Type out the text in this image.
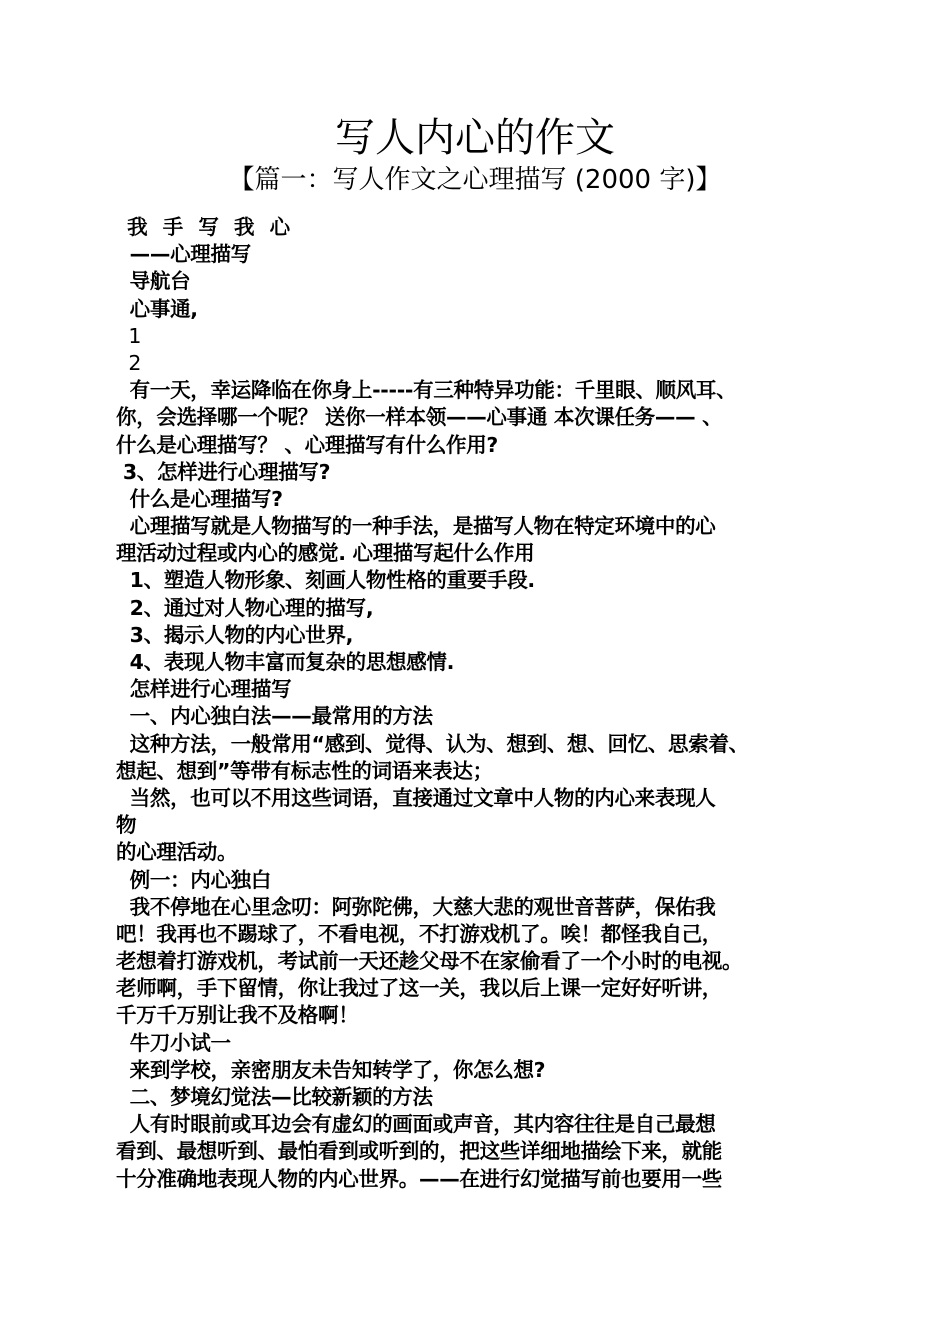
写人内心的作文
【篇一：写人作文之心理描写 (2000 字)】
我 手 写 我 心
——心理描写
导航台
心事通,
1
2
有一天，幸运降临在你身上-----有三种特异功能：千里眼、顺风耳、
你，会选择哪一个呢？ 送你一样本领——心事通 本次课任务—— 、
什么是心理描写？ 、心理描写有什么作用?
3、怎样进行心理描写?
什么是心理描写?
心理描写就是人物描写的一种手法，是描写人物在特定环境中的心
理活动过程或内心的感觉. 心理描写起什么作用
1、塑造人物形象、刻画人物性格的重要手段.
2、通过对人物心理的描写,
3、揭示人物的内心世界,
4、表现人物丰富而复杂的思想感情.
怎样进行心理描写
一、内心独白法——最常用的方法
这种方法，一般常用“感到、觉得、认为、想到、想、回忆、思索着、
想起、想到”等带有标志性的词语来表达；
当然，也可以不用这些词语，直接通过文章中人物的内心来表现人
物
的心理活动。
例一：内心独白
我不停地在心里念叨：阿弥陀佛，大慈大悲的观世音菩萨，保佑我
吧！我再也不踢球了，不看电视，不打游戏机了。唉！都怪我自己，
老想着打游戏机，考试前一天还趁父母不在家偷看了一个小时的电视。
老师啊，手下留情，你让我过了这一关，我以后上课一定好好听讲，
千万千万别让我不及格啊！
牛刀小试一
来到学校，亲密朋友未告知转学了，你怎么想?
二、梦境幻觉法—比较新颖的方法
人有时眼前或耳边会有虚幻的画面或声音，其内容往往是自己最想
看到、最想听到、最怕看到或听到的，把这些详细地描绘下来，就能
十分准确地表现人物的内心世界。——在进行幻觉描写前也要用一些
